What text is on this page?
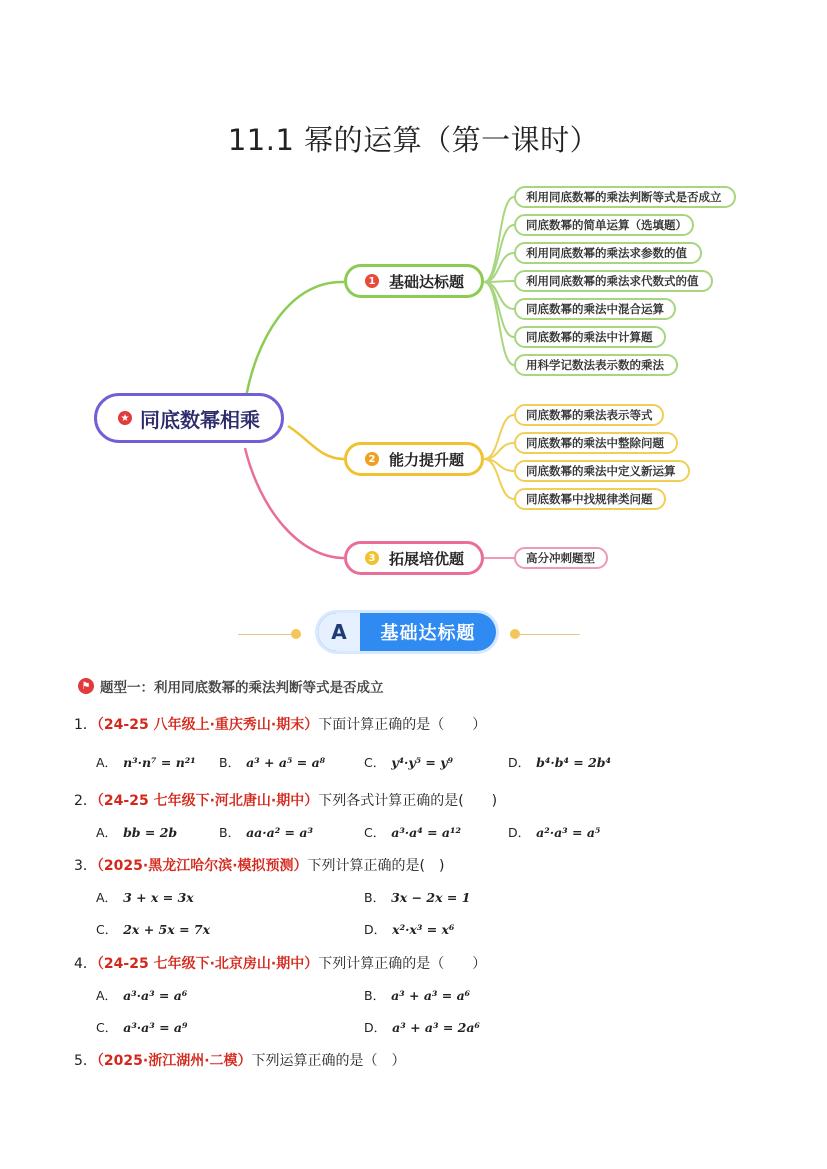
11.1 幂的运算（第一课时）
★ 同底数幂相乘
1 基础达标题
2 能力提升题
3 拓展培优题
利用同底数幂的乘法判断等式是否成立
同底数幂的简单运算（选填题）
利用同底数幂的乘法求参数的值
利用同底数幂的乘法求代数式的值
同底数幂的乘法中混合运算
同底数幂的乘法中计算题
用科学记数法表示数的乘法
同底数幂的乘法表示等式
同底数幂的乘法中整除问题
同底数幂的乘法中定义新运算
同底数幂中找规律类问题
高分冲刺题型
A	基础达标题
⚑ 题型一：利用同底数幂的乘法判断等式是否成立
1．（24-25 八年级上·重庆秀山·期末）下面计算正确的是（　　）
A． n³·n⁷ = n²¹ B． a³ + a⁵ = a⁸	C． y⁴·y⁵ = y⁹	D． b⁴·b⁴ = 2b⁴
2．（24-25 七年级下·河北唐山·期中）下列各式计算正确的是(　　)
A． bb = 2b	B． aa·a² = a³	C． a³·a⁴ = a¹²	D． a²·a³ = a⁵
3．（2025·黑龙江哈尔滨·模拟预测）下列计算正确的是(　)
A． 3 + x = 3x	B． 3x − 2x = 1
C． 2x + 5x = 7x	D． x²·x³ = x⁶
4．（24-25 七年级下·北京房山·期中）下列计算正确的是（　　）
A． a³·a³ = a⁶	B． a³ + a³ = a⁶
C． a³·a³ = a⁹	D． a³ + a³ = 2a⁶
5．（2025·浙江湖州·二模）下列运算正确的是（　）
